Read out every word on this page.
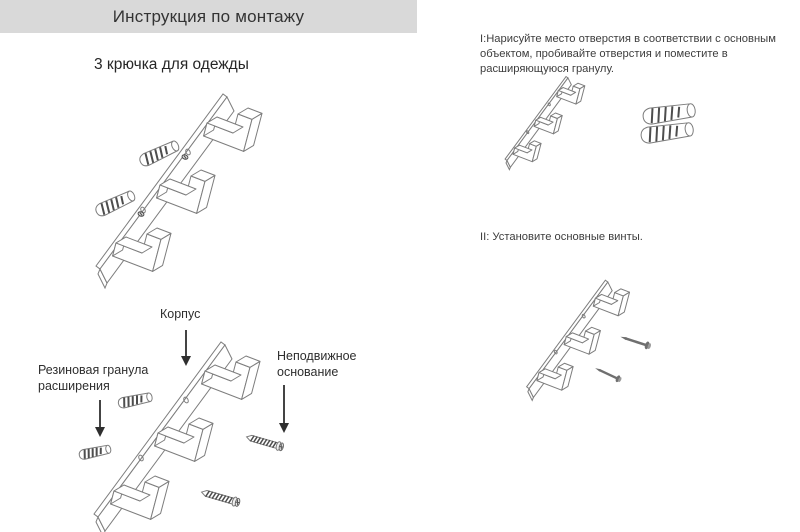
Инструкция по монтажу
3 крючка для одежды
Корпус
Резиновая гранула расширения
Неподвижное основание
I:Нарисуйте место отверстия в соответствии с основным объектом, пробивайте отверстия и поместите в расширяющуюся гранулу.
II: Установите основные винты.
